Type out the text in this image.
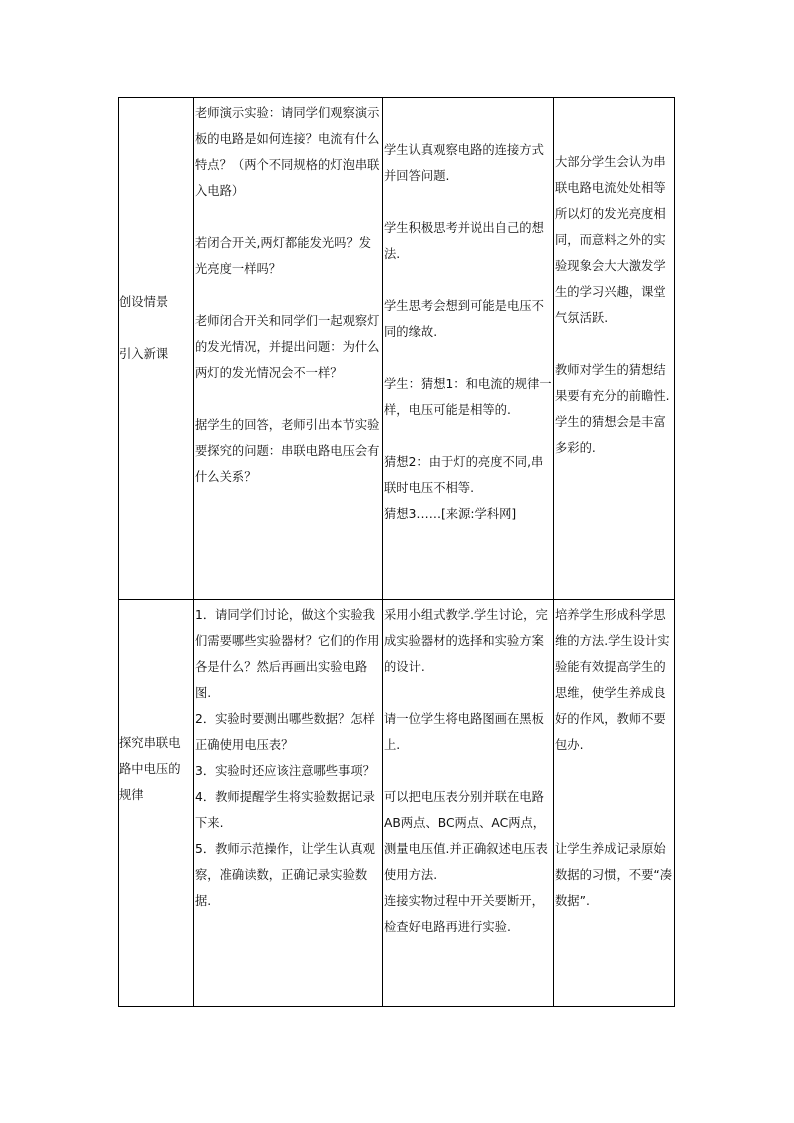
创设情景
引入新课

老师演示实验：请同学们观察演示板的电路是如何连接？电流有什么特点？（两个不同规格的灯泡串联入电路）

若闭合开关,两灯都能发光吗？发光亮度一样吗？

老师闭合开关和同学们一起观察灯的发光情况，并提出问题：为什么两灯的发光情况会不一样？

据学生的回答，老师引出本节实验要探究的问题：串联电路电压会有什么关系？

学生认真观察电路的连接方式并回答问题.

学生积极思考并说出自己的想法.

学生思考会想到可能是电压不同的缘故.

学生：猜想1：和电流的规律一样，电压可能是相等的.

猜想2：由于灯的亮度不同,串联时电压不相等.

猜想3……[来源:学科网]

大部分学生会认为串联电路电流处处相等所以灯的发光亮度相同，而意料之外的实验现象会大大激发学生的学习兴趣，课堂气氛活跃.

教师对学生的猜想结果要有充分的前瞻性.学生的猜想会是丰富多彩的.

探究串联电
路中电压的
规律

1．请同学们讨论，做这个实验我们需要哪些实验器材？它们的作用各是什么？然后再画出实验电路图.

2．实验时要测出哪些数据？怎样正确使用电压表？

3．实验时还应该注意哪些事项？

4．教师提醒学生将实验数据记录下来.

5．教师示范操作，让学生认真观察，准确读数，正确记录实验数据.

采用小组式教学.学生讨论，完成实验器材的选择和实验方案的设计.

请一位学生将电路图画在黑板上.

可以把电压表分别并联在电路AB两点、BC两点、AC两点，测量电压值.并正确叙述电压表使用方法.

连接实物过程中开关要断开，检查好电路再进行实验.

培养学生形成科学思维的方法.学生设计实验能有效提高学生的思维，使学生养成良好的作风，教师不要包办.

让学生养成记录原始数据的习惯，不要“凑数据”.
